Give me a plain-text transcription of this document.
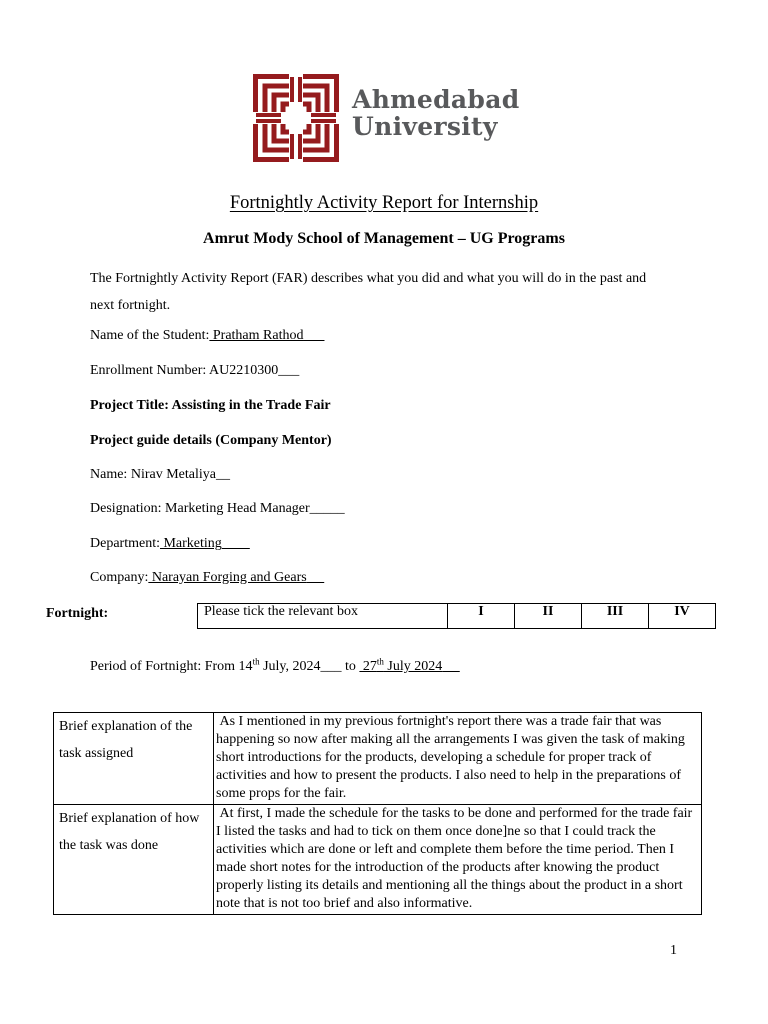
Ahmedabad
University
Fortnightly Activity Report for Internship
Amrut Mody School of Management – UG Programs
The Fortnightly Activity Report (FAR) describes what you did and what you will do in the past and next fortnight.
Name of the Student: Pratham Rathod
Enrollment Number: AU2210300___
Project Title: Assisting in the Trade Fair
Project guide details (Company Mentor)
Name: Nirav Metaliya__
Designation: Marketing Head Manager_____
Department: Marketing
Company: Narayan Forging and Gears
Fortnight:	Please tick the relevant box	I	II	III	IV
Period of Fortnight: From 14th July, 2024___ to  27th July 2024
Brief explanation of the task assigned	As I mentioned in my previous fortnight's report there was a trade fair that was happening so now after making all the arrangements I was given the task of making short introductions for the products, developing a schedule for proper track of activities and how to present the products. I also need to help in the preparations of some props for the fair.
Brief explanation of how the task was done	At first, I made the schedule for the tasks to be done and performed for the trade fair I listed the tasks and had to tick on them once done]ne so that I could track the activities which are done or left and complete them before the time period. Then I made short notes for the introduction of the products after knowing the product properly listing its details and mentioning all the things about the product in a short note that is not too brief and also informative.
1
